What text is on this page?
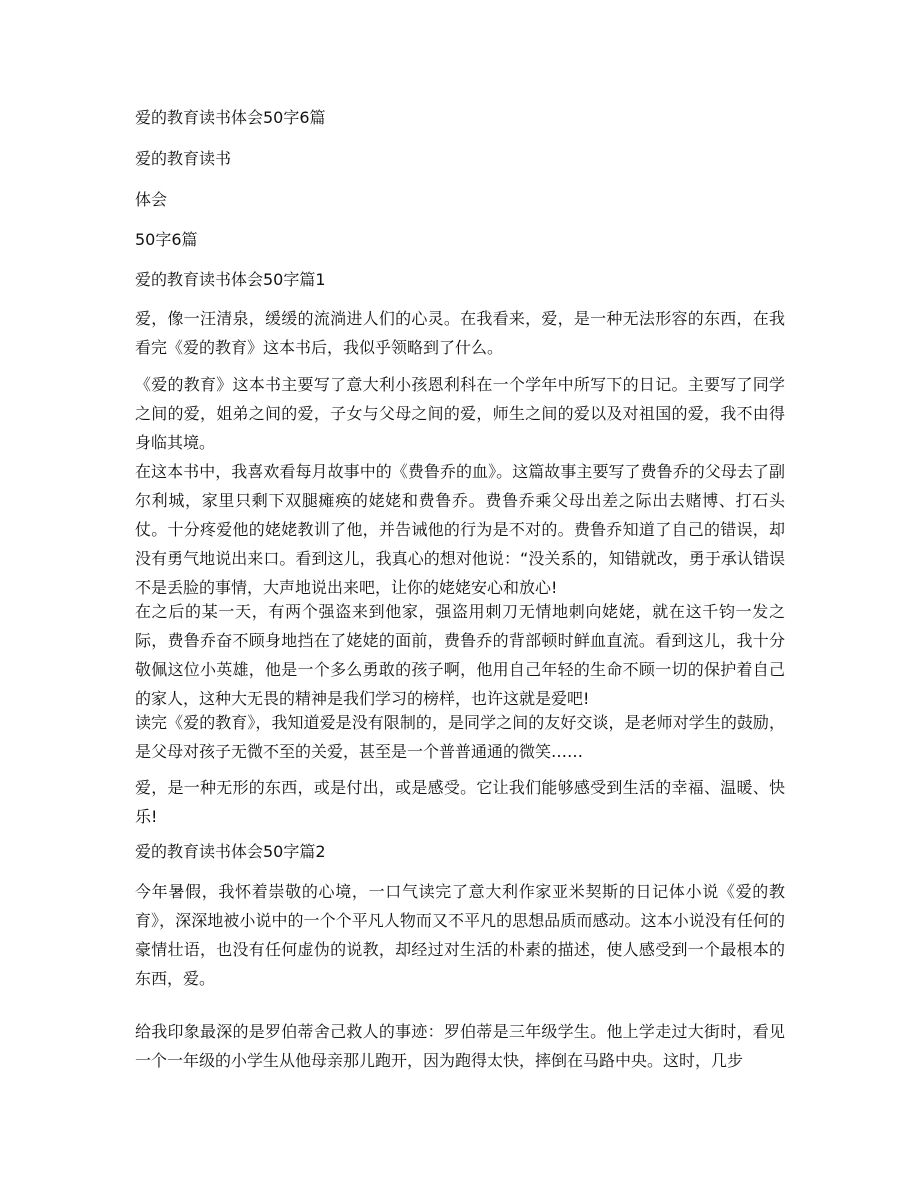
爱的教育读书体会50字6篇
爱的教育读书
体会
50字6篇
爱的教育读书体会50字篇1
爱，像一汪清泉，缓缓的流淌进人们的心灵。在我看来，爱，是一种无法形容的东西，在我看完《爱的教育》这本书后，我似乎领略到了什么。
《爱的教育》这本书主要写了意大利小孩恩利科在一个学年中所写下的日记。主要写了同学之间的爱，姐弟之间的爱，子女与父母之间的爱，师生之间的爱以及对祖国的爱，我不由得身临其境。
在这本书中，我喜欢看每月故事中的《费鲁乔的血》。这篇故事主要写了费鲁乔的父母去了副尔利城，家里只剩下双腿瘫痪的姥姥和费鲁乔。费鲁乔乘父母出差之际出去赌博、打石头仗。十分疼爱他的姥姥教训了他，并告诫他的行为是不对的。费鲁乔知道了自己的错误，却没有勇气地说出来口。看到这儿，我真心的想对他说：“没关系的，知错就改，勇于承认错误不是丢脸的事情，大声地说出来吧，让你的姥姥安心和放心!
在之后的某一天，有两个强盗来到他家，强盗用刺刀无情地刺向姥姥，就在这千钧一发之际，费鲁乔奋不顾身地挡在了姥姥的面前，费鲁乔的背部顿时鲜血直流。看到这儿，我十分敬佩这位小英雄，他是一个多么勇敢的孩子啊，他用自己年轻的生命不顾一切的保护着自己的家人，这种大无畏的精神是我们学习的榜样，也许这就是爱吧!
读完《爱的教育》，我知道爱是没有限制的，是同学之间的友好交谈，是老师对学生的鼓励，是父母对孩子无微不至的关爱，甚至是一个普普通通的微笑……
爱，是一种无形的东西，或是付出，或是感受。它让我们能够感受到生活的幸福、温暖、快乐!
爱的教育读书体会50字篇2
今年暑假，我怀着崇敬的心境，一口气读完了意大利作家亚米契斯的日记体小说《爱的教育》，深深地被小说中的一个个平凡人物而又不平凡的思想品质而感动。这本小说没有任何的豪情壮语，也没有任何虚伪的说教，却经过对生活的朴素的描述，使人感受到一个最根本的东西，爱。
给我印象最深的是罗伯蒂舍己救人的事迹：罗伯蒂是三年级学生。他上学走过大街时，看见一个一年级的小学生从他母亲那儿跑开，因为跑得太快，摔倒在马路中央。这时，几步
